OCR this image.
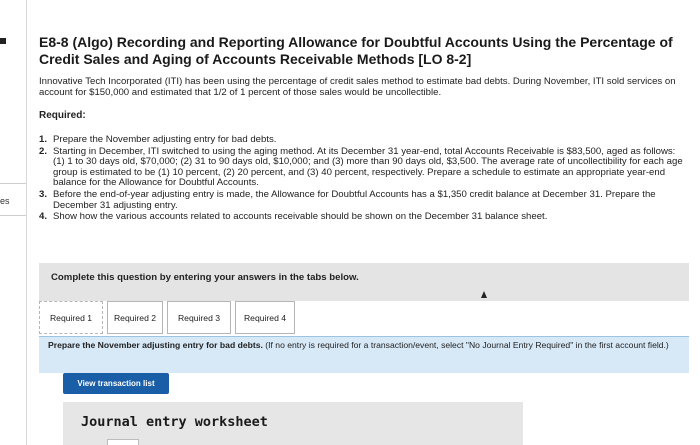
es
E8-8 (Algo) Recording and Reporting Allowance for Doubtful Accounts Using the Percentage of Credit Sales and Aging of Accounts Receivable Methods [LO 8-2]

Innovative Tech Incorporated (ITI) has been using the percentage of credit sales method to estimate bad debts. During November, ITI sold services on account for $150,000 and estimated that 1/2 of 1 percent of those sales would be uncollectible.

Required:
1. Prepare the November adjusting entry for bad debts.
2. Starting in December, ITI switched to using the aging method. At its December 31 year-end, total Accounts Receivable is $83,500, aged as follows: (1) 1 to 30 days old, $70,000; (2) 31 to 90 days old, $10,000; and (3) more than 90 days old, $3,500. The average rate of uncollectibility for each age group is estimated to be (1) 10 percent, (2) 20 percent, and (3) 40 percent, respectively. Prepare a schedule to estimate an appropriate year-end balance for the Allowance for Doubtful Accounts.
3. Before the end-of-year adjusting entry is made, the Allowance for Doubtful Accounts has a $1,350 credit balance at December 31. Prepare the December 31 adjusting entry.
4. Show how the various accounts related to accounts receivable should be shown on the December 31 balance sheet.
Complete this question by entering your answers in the tabs below.
Required 1	Required 2	Required 3	Required 4
Prepare the November adjusting entry for bad debts. (If no entry is required for a transaction/event, select "No Journal Entry Required" in the first account field.)
View transaction list
Journal entry worksheet
